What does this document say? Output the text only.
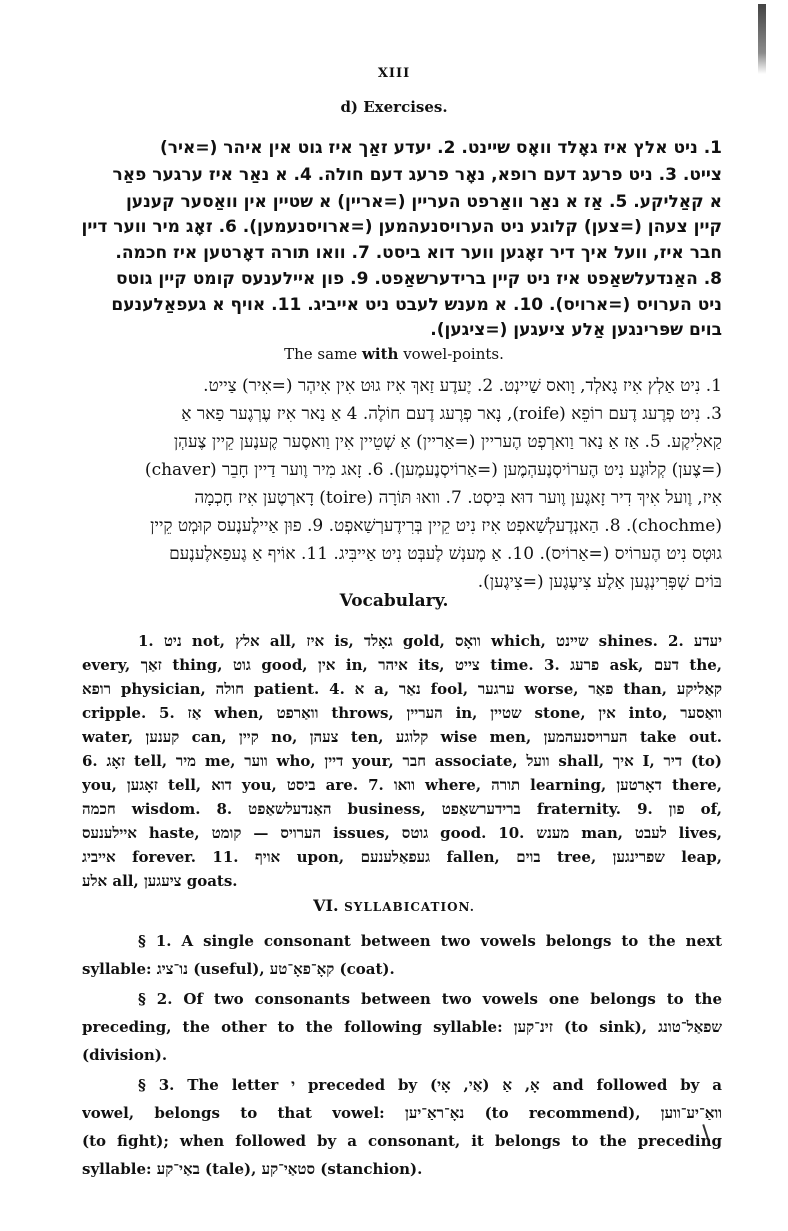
XIII
d) Exercises.
1. ניט אלץ איז גאָלד וואָס שיינט. 2. יעדע זאַך איז גוט אין איהר (=איר)
צייט. 3. ניט פרעג דעם רופא, נאָר פרעג דעם חולה. 4. א נאַר איז ערגער פאַר
א קאַליקע. 5. אַז א נאַר וואַרפט העריין (=אריין) א שטיין אין וואַסער קענען
קיין צעהן (=צען) קלוגע ניט הערויסנעהמען (=ארויסנעמען). 6. זאָג מיר ווער דיין
חבר איז, וועל איך דיר זאָגען ווער דוא ביסט. 7. וואו תורה דאָרטען איז חכמה.
8. האַנדעלשאַפט איז ניט קיין ברידערשאַפט. 9. פון איילענעס קומט קיין גוטס
ניט הערויס (=ארויס). 10. א מענש לעבט ניט אייביג. 11. אויף א געפאַלענעם
בוים שפּרינגען אַלע ציעגען (=ציגען).
The same with vowel-points.
1. נִיט אַלְץ אִיז גָאלְד, וָואס שַׁיינְט. 2. יֶעדֶע זַאךְ אִיז גוּט אִין אִיהְר (=אִיר) צַייט.
3. נִיט פְרֶעג דֶעם רוֹפֵא (roife), נָאר פְרֶעג דֶעם חוֹלֶה. 4 אַ נַאר אִיז עֶרְגֶער פַאר אַ
קַאלִיקֶע. 5. אַז אַ נַאר וַוארְפְט הֶעריין (=אַריין) אַ שְׁטֵיין אִין וַואסֶער קֶענֶען קֵיין צֶעהְן
(=צֶען) קְלוּגֶע נִיט הֶערוֹיסְנֶעהְמֶען (=אַרוֹיסְנֶעמֶען). 6. זָאג מִיר וֶוער דַיין חָבֵר (chaver)
אִיז, וֶועל אִיךְ דִיר זָאגֶען וֶוער דוּא בִּיסְט. 7. וואוּ תּוֹרָה (toire) דָארְטֶען אִיז חָכְמָה
(chochme). 8. הַאנְדֶעלְשַׁאפְט אִיז נִיט קֵיין בְּרִידֶערְשַׁאפְט. 9. פוּן אַיילֶענֶעס קוּמְט קֵיין
גוּטְס נִיט הֶערוֹיס (=אַרוֹיס). 10. אַ מֶענְשׁ לֶעבְּט נִיט אַייבִּיג. 11. אוֹיף אַ גֶעפַאלֶענֶעם
בּוֹים שְׁפְּרִינְגֶען אַלֶע צִיעֶגֶען (=צִיגֶען).
Vocabulary.
1. ניט not, אלץ all, איז is, גאָלד gold, וואָס which, שיינט shines. 2. יעדע
every, זאַך thing, גוט good, אין in, איהר its, צייט time. 3. פרעג ask, דעם the,
רופא physician, חולה patient. 4. א a, נאַר fool, ערגער worse, פאַר than, קאַליקע
cripple. 5. אַז when, וואַרפט throws, העריין in, שטיין stone, אין into, וואַסער
water, קענען can, קיין no, צעהן ten, קלוגע wise men, הערויסנעהמען take out.
6. זאָג tell, מיר me, ווער who, דיין your, חבר associate, וועל shall, איך I, דיר (to)
you, זאָגען tell, דוא you, ביסט are. 7. וואו where, תורה learning, דאָרטען there,
חכמה wisdom. 8. האַנדעלשאַפט business, ברידערשאַפט fraternity. 9. פון of,
איילענעס haste, הערויס — קומט issues, גוטס good. 10. מענש man, לעבט lives,
אייביג forever. 11. אויף upon, געפאַלענעם fallen, בוים tree, שפרינגען leap,
אלע all, ציעגען goats.
VI. SYLLABICATION.
§ 1. A single consonant between two vowels belongs to the next
syllable: נו־ציג (useful), קאָ־פאָ־טע (coat).
§ 2. Of two consonants between two vowels one belongs to the
preceding, the other to the following syllable: זינ־קען (to sink), שפאַל־טונג
(division).
§ 3. The letter י preceded by אָ, אַ (אַי, אָי) and followed by a
vowel, belongs to that vowel: נאָ־ראַ־יען (to recommend), וואַ־יע־ווען
(to fight); when followed by a consonant, it belongs to the preceding
syllable: באַי־קע (tale), סטאַי־קע (stanchion).
